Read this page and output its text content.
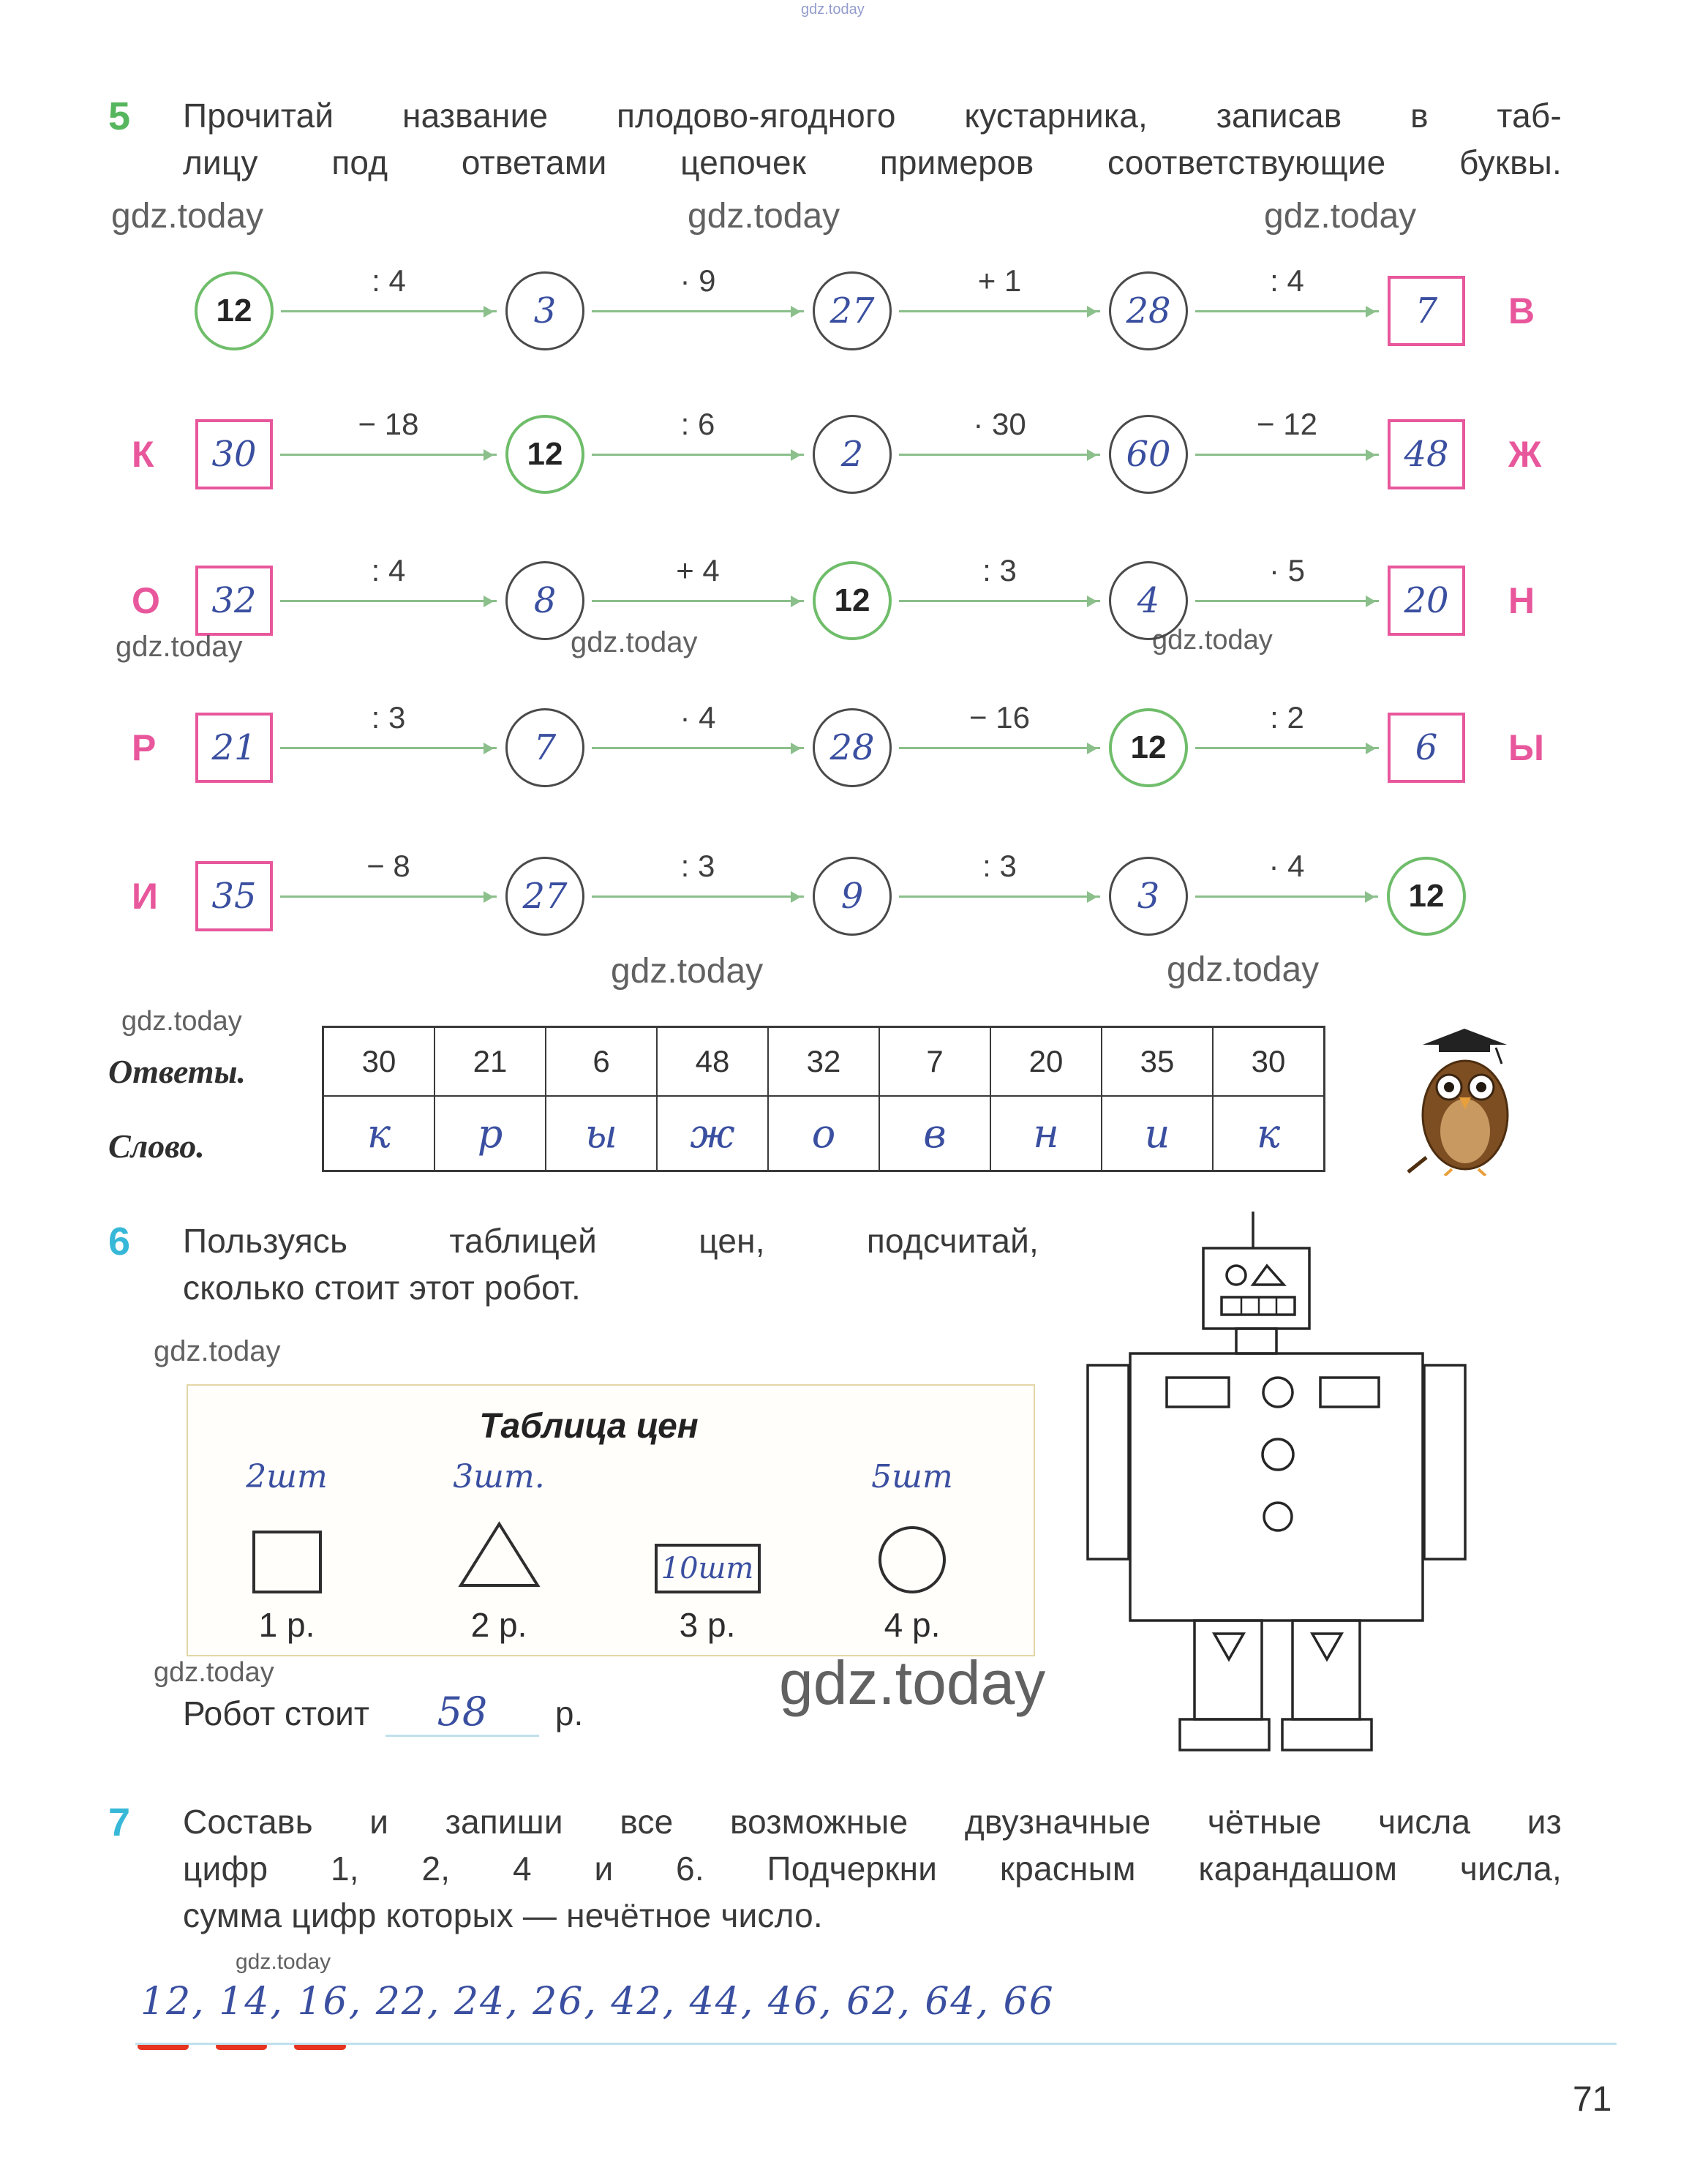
5 Прочитай название плодово-ягодного кустарника, записав в таб-
лицу под ответами цепочек примеров соответствующие буквы.
В
12	3	27	28	7
: 4	· 9	+ 1	: 4
К	Ж
30	12	2	60	48
− 18	: 6	· 30	− 12
О	Н
32	8	12	4	20
: 4	+ 4	: 3	· 5
Р	Ы
21	7	28	12	6
: 3	· 4	− 16	: 2
И 35	27	9	3	12
− 8	: 3	: 3	· 4
Ответы.
Слово.
30	21	6	48	32	7	20	35	30
к	р	ы	ж	о	в	н	и	к
6 Пользуясь таблицей цен, подсчитай,
сколько стоит этот робот.
Таблица цен
2шт
1 р.
3шт.
2 р.
10шт
3 р.
5шт
4 р.
Робот стоит 58 р.
7 Составь и запиши все возможные двузначные чётные числа из
цифр 1, 2, 4 и 6. Подчеркни красным карандашом числа,
сумма цифр которых — нечётное число.
12, 14, 16, 22, 24, 26, 42, 44, 46, 62, 64, 66
71
gdz.today
gdz.today	gdz.today	gdz.today
gdz.today	gdz.today	gdz.today
gdz.today	gdz.today
gdz.today
gdz.today
gdz.today	gdz.today
gdz.today
